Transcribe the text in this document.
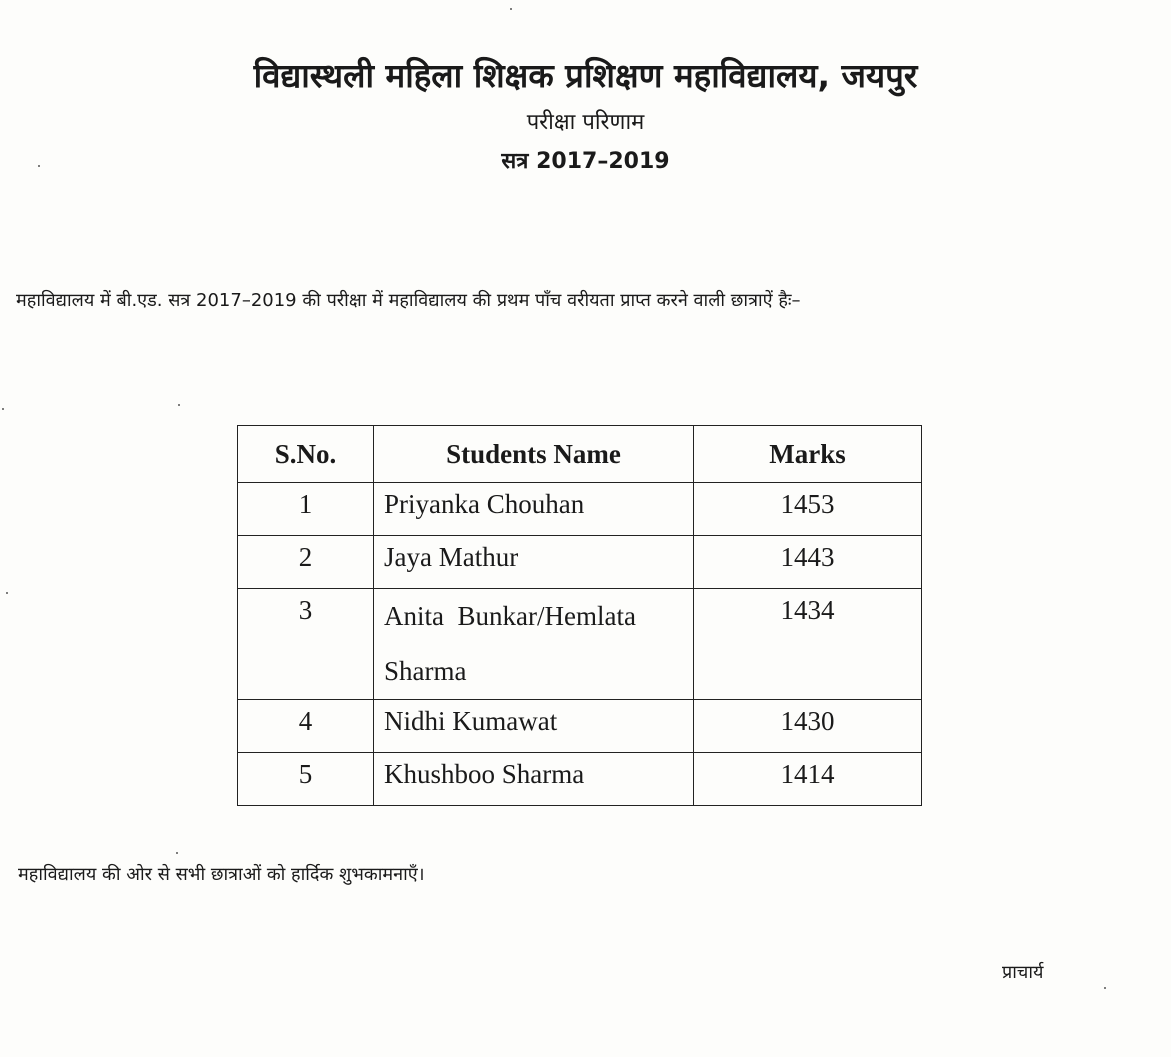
विद्यास्थली महिला शिक्षक प्रशिक्षण महाविद्यालय, जयपुर
परीक्षा परिणाम
सत्र 2017–2019

महाविद्यालय में बी.एड. सत्र 2017–2019 की परीक्षा में महाविद्यालय की प्रथम पाँच वरीयता प्राप्त करने वाली छात्राऐं हैः–

S.No.	Students Name	Marks
1	Priyanka Chouhan	1453
2	Jaya Mathur	1443
3	Anita  Bunkar/Hemlata Sharma	1434
4	Nidhi Kumawat	1430
5	Khushboo Sharma	1414

महाविद्यालय की ओर से सभी छात्राओं को हार्दिक शुभकामनाएँ।

प्राचार्य
